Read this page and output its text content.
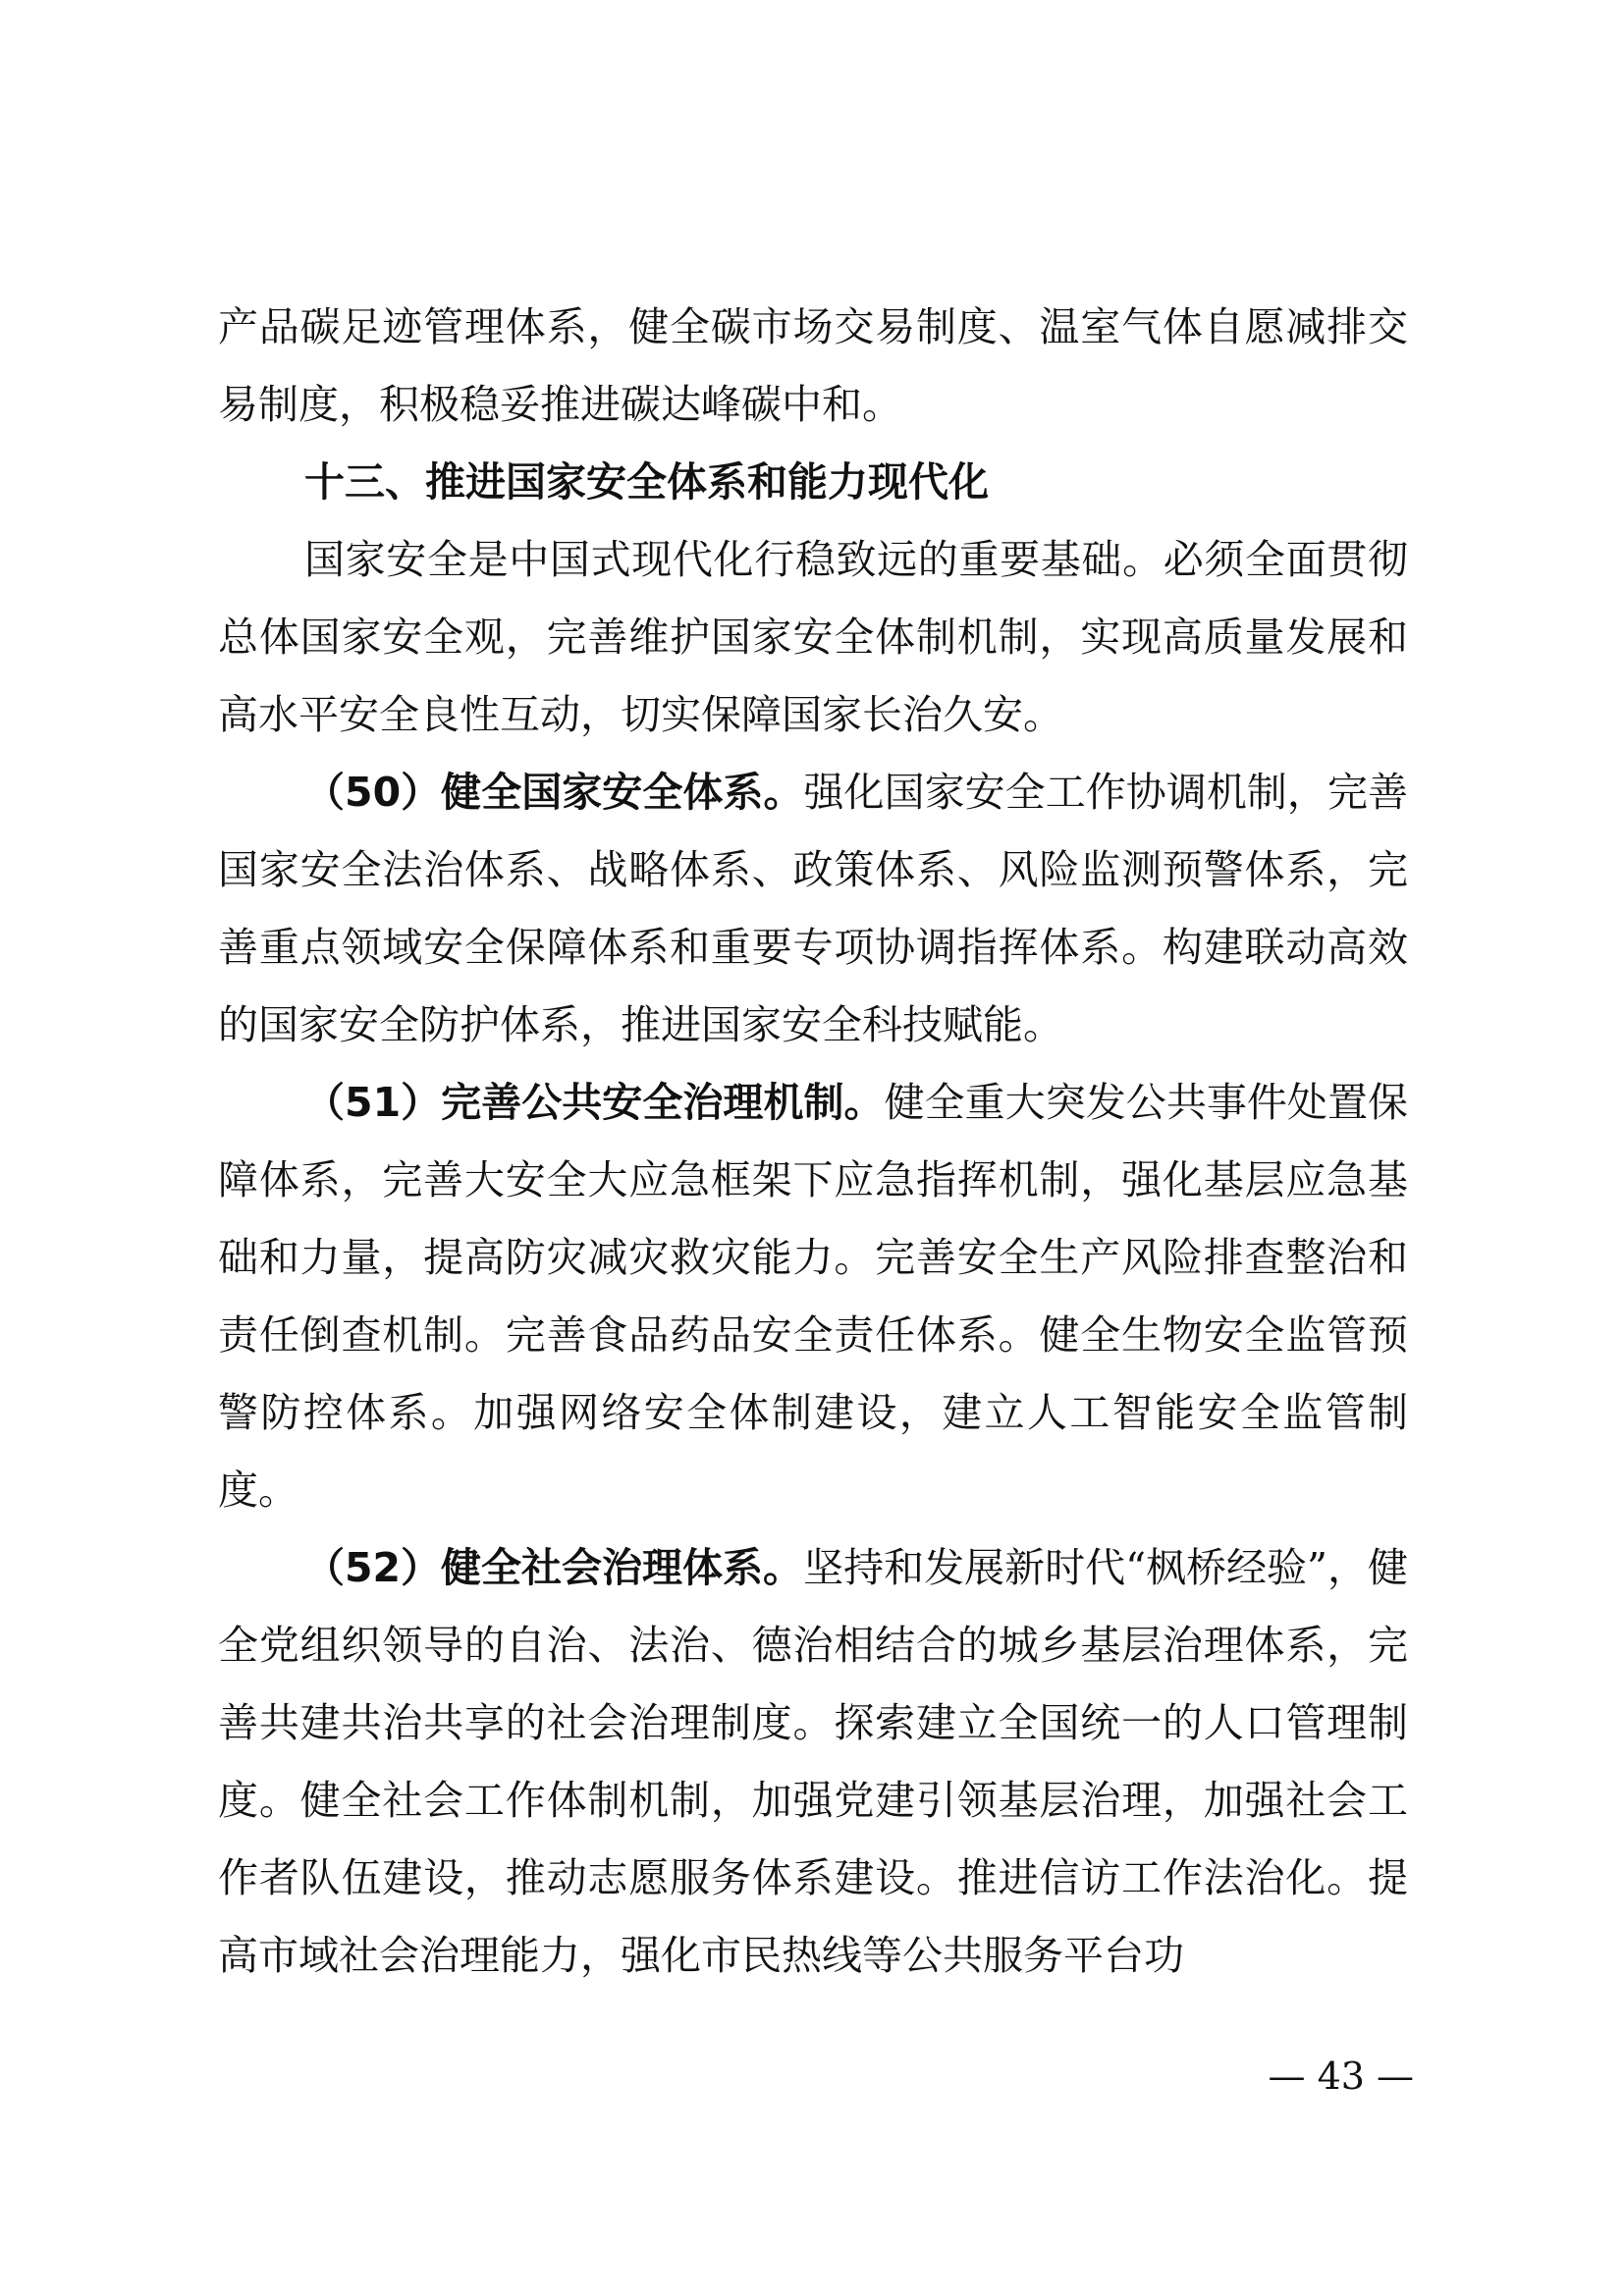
产品碳足迹管理体系，健全碳市场交易制度、温室气体自愿减排交易制度，积极稳妥推进碳达峰碳中和。

十三、推进国家安全体系和能力现代化

国家安全是中国式现代化行稳致远的重要基础。必须全面贯彻总体国家安全观，完善维护国家安全体制机制，实现高质量发展和高水平安全良性互动，切实保障国家长治久安。

（50）健全国家安全体系。强化国家安全工作协调机制，完善国家安全法治体系、战略体系、政策体系、风险监测预警体系，完善重点领域安全保障体系和重要专项协调指挥体系。构建联动高效的国家安全防护体系，推进国家安全科技赋能。

（51）完善公共安全治理机制。健全重大突发公共事件处置保障体系，完善大安全大应急框架下应急指挥机制，强化基层应急基础和力量，提高防灾减灾救灾能力。完善安全生产风险排查整治和责任倒查机制。完善食品药品安全责任体系。健全生物安全监管预警防控体系。加强网络安全体制建设，建立人工智能安全监管制度。

（52）健全社会治理体系。坚持和发展新时代“枫桥经验”，健全党组织领导的自治、法治、德治相结合的城乡基层治理体系，完善共建共治共享的社会治理制度。探索建立全国统一的人口管理制度。健全社会工作体制机制，加强党建引领基层治理，加强社会工作者队伍建设，推动志愿服务体系建设。推进信访工作法治化。提高市域社会治理能力，强化市民热线等公共服务平台功

— 43 —
